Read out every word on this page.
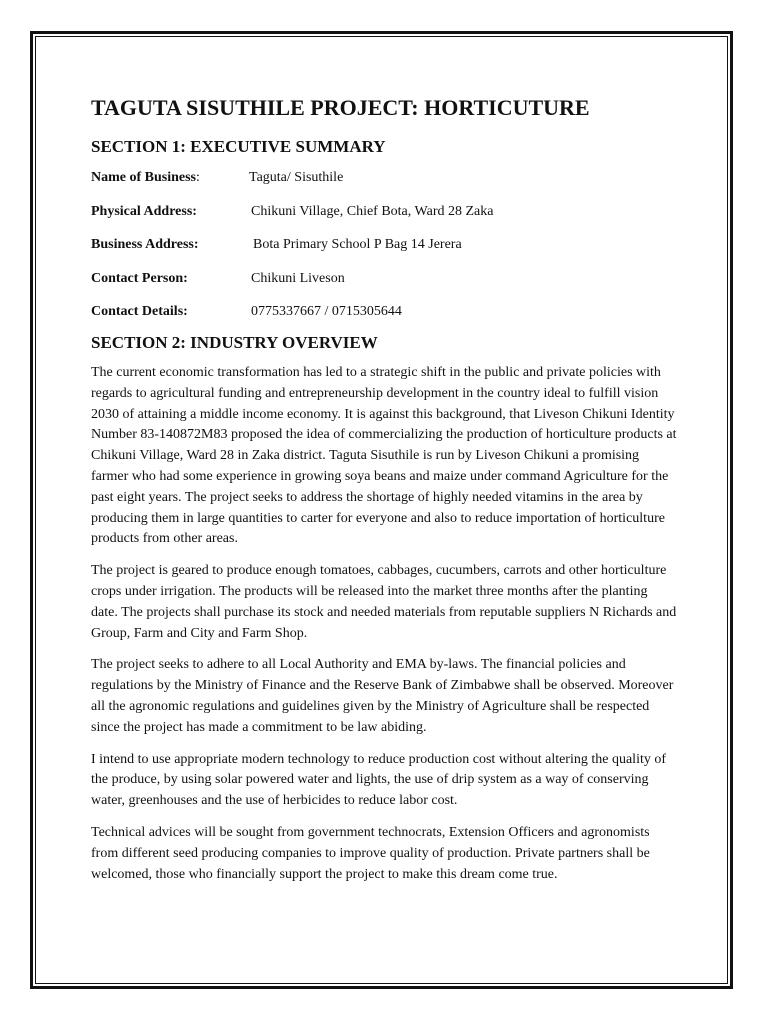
TAGUTA SISUTHILE PROJECT: HORTICUTURE
SECTION 1: EXECUTIVE SUMMARY
Name of Business:	Taguta/ Sisuthile
Physical Address:	Chikuni Village, Chief Bota, Ward 28 Zaka
Business Address:	Bota Primary School P Bag 14 Jerera
Contact Person:	Chikuni Liveson
Contact Details:	0775337667 / 0715305644
SECTION 2: INDUSTRY OVERVIEW

The current economic transformation has led to a strategic shift in the public and private policies with regards to agricultural funding and entrepreneurship development in the country ideal to fulfill vision 2030 of attaining a middle income economy. It is against this background, that Liveson Chikuni Identity Number 83-140872M83 proposed the idea of commercializing the production of horticulture products at Chikuni Village, Ward 28 in Zaka district. Taguta Sisuthile is run by Liveson Chikuni a promising farmer who had some experience in growing soya beans and maize under command Agriculture for the past eight years. The project seeks to address the shortage of highly needed vitamins in the area by producing them in large quantities to carter for everyone and also to reduce importation of horticulture products from other areas.

The project is geared to produce enough tomatoes, cabbages, cucumbers, carrots and other horticulture crops under irrigation. The products will be released into the market three months after the planting date. The projects shall purchase its stock and needed materials from reputable suppliers N Richards and Group, Farm and City and Farm Shop.

The project seeks to adhere to all Local Authority and EMA by-laws. The financial policies and regulations by the Ministry of Finance and the Reserve Bank of Zimbabwe shall be observed. Moreover all the agronomic regulations and guidelines given by the Ministry of Agriculture shall be respected since the project has made a commitment to be law abiding.

I intend to use appropriate modern technology to reduce production cost without altering the quality of the produce, by using solar powered water and lights, the use of drip system as a way of conserving water, greenhouses and the use of herbicides to reduce labor cost.

Technical advices will be sought from government technocrats, Extension Officers and agronomists from different seed producing companies to improve quality of production. Private partners shall be welcomed, those who financially support the project to make this dream come true.
